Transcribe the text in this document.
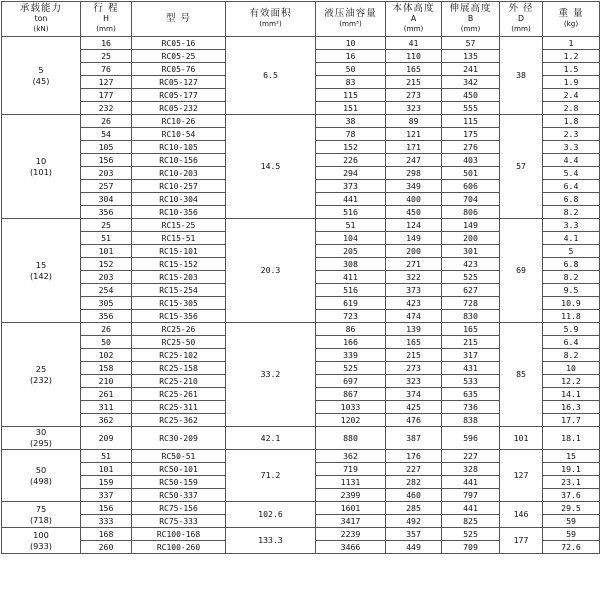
承载能力
ton
(kN)	行 程
H
(mm)	型 号	有效面积
(mm²)	液压油容量
(mm³)	本体高度
A
(mm)	伸展高度
B
(mm)	外 径
D
(mm)	重 量
(kg)

5
(45)	16	RC05-16	6.5	10	41	57	38	1
	25	RC05-25		16	110	135		1.2
	76	RC05-76		50	165	241		1.5
	127	RC05-127		83	215	342		1.9
	177	RC05-177		115	273	450		2.4
	232	RC05-232		151	323	555		2.8

10
(101)	26	RC10-26	14.5	38	89	115	57	1.8
	54	RC10-54		78	121	175		2.3
	105	RC10-105		152	171	276		3.3
	156	RC10-156		226	247	403		4.4
	203	RC10-203		294	298	501		5.4
	257	RC10-257		373	349	606		6.4
	304	RC10-304		441	400	704		6.8
	356	RC10-356		516	450	806		8.2

15
(142)	25	RC15-25	20.3	51	124	149	69	3.3
	51	RC15-51		104	149	200		4.1
	101	RC15-101		205	200	301		5
	152	RC15-152		308	271	423		6.8
	203	RC15-203		411	322	525		8.2
	254	RC15-254		516	373	627		9.5
	305	RC15-305		619	423	728		10.9
	356	RC15-356		723	474	830		11.8

25
(232)	26	RC25-26	33.2	86	139	165	85	5.9
	50	RC25-50		166	165	215		6.4
	102	RC25-102		339	215	317		8.2
	158	RC25-158		525	273	431		10
	210	RC25-210		697	323	533		12.2
	261	RC25-261		867	374	635		14.1
	311	RC25-311		1033	425	736		16.3
	362	RC25-362		1202	476	838		17.7

30
(295)	209	RC30-209	42.1	880	387	596	101	18.1

50
(498)	51	RC50-51	71.2	362	176	227	127	15
	101	RC50-101		719	227	328		19.1
	159	RC50-159		1131	282	441		23.1
	337	RC50-337		2399	460	797		37.6

75
(718)	156	RC75-156	102.6	1601	285	441	146	29.5
	333	RC75-333		3417	492	825		59

100
(933)	168	RC100-168	133.3	2239	357	525	177	59
	260	RC100-260		3466	449	709		72.6
